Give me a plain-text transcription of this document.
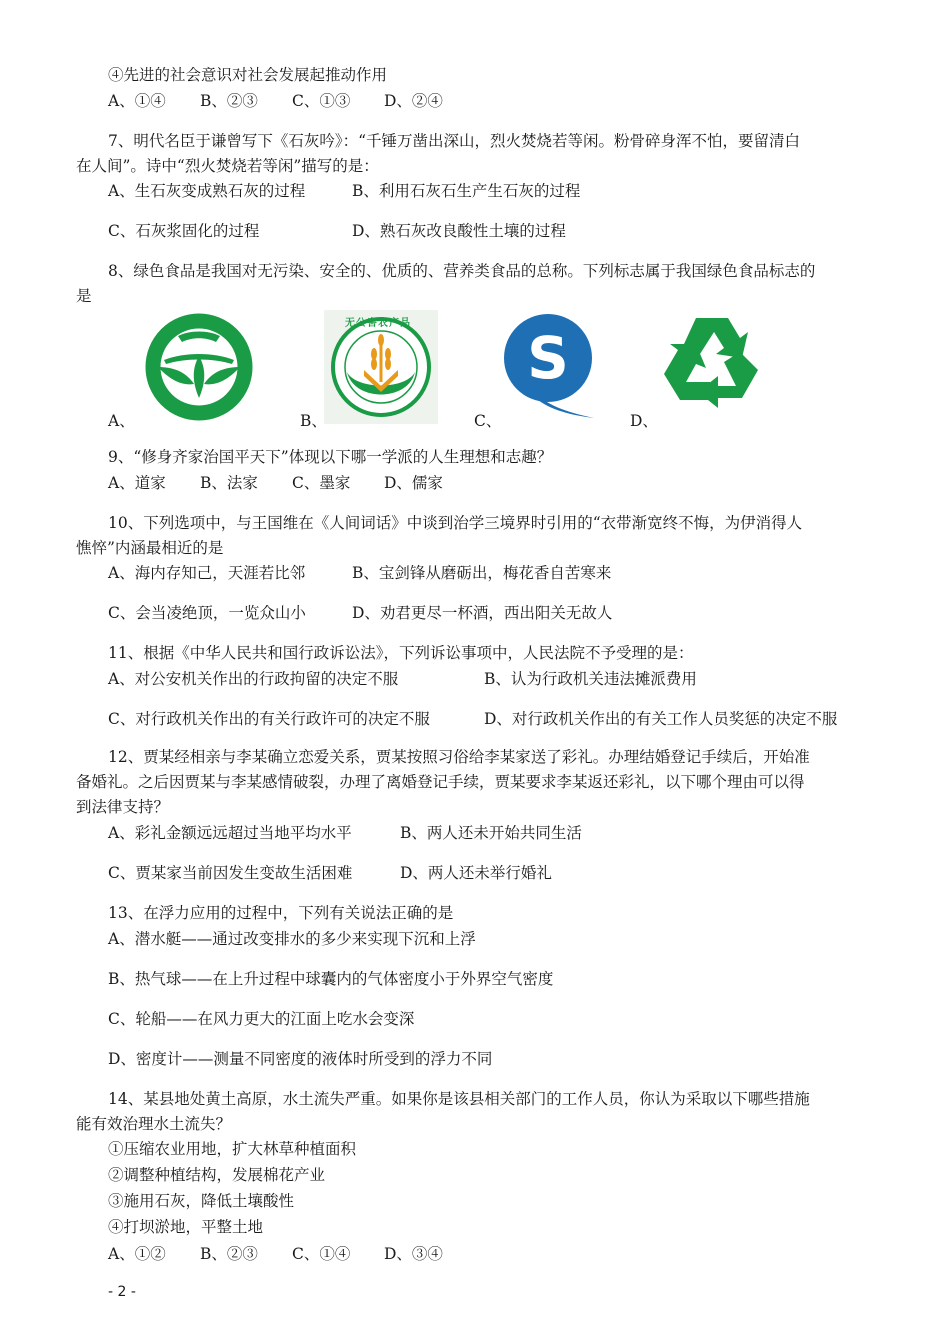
④先进的社会意识对社会发展起推动作用
A、①④ B、②③ C、①③ D、②④
7、明代名臣于谦曾写下《石灰吟》：“千锤万凿出深山，烈火焚烧若等闲。粉骨碎身浑不怕，要留清白
在人间”。诗中“烈火焚烧若等闲”描写的是：
A、生石灰变成熟石灰的过程	B、利用石灰石生产生石灰的过程
C、石灰浆固化的过程	D、熟石灰改良酸性土壤的过程
8、绿色食品是我国对无污染、安全的、优质的、营养类食品的总称。下列标志属于我国绿色食品标志的
是
A、
无公害农产品
B、
S
C、	D、
9、“修身齐家治国平天下”体现以下哪一学派的人生理想和志趣？
A、道家 B、法家 C、墨家 D、儒家
10、下列选项中，与王国维在《人间词话》中谈到治学三境界时引用的“衣带渐宽终不悔，为伊消得人
憔悴”内涵最相近的是
A、海内存知己，天涯若比邻	B、宝剑锋从磨砺出，梅花香自苦寒来
C、会当凌绝顶，一览众山小	D、劝君更尽一杯酒，西出阳关无故人
11、根据《中华人民共和国行政诉讼法》，下列诉讼事项中，人民法院不予受理的是：
A、对公安机关作出的行政拘留的决定不服	B、认为行政机关违法摊派费用
C、对行政机关作出的有关行政许可的决定不服	D、对行政机关作出的有关工作人员奖惩的决定不服
12、贾某经相亲与李某确立恋爱关系，贾某按照习俗给李某家送了彩礼。办理结婚登记手续后，开始准
备婚礼。之后因贾某与李某感情破裂，办理了离婚登记手续，贾某要求李某返还彩礼，以下哪个理由可以得
到法律支持？
A、彩礼金额远远超过当地平均水平	B、两人还未开始共同生活
C、贾某家当前因发生变故生活困难	D、两人还未举行婚礼
13、在浮力应用的过程中，下列有关说法正确的是
A、潜水艇——通过改变排水的多少来实现下沉和上浮
B、热气球——在上升过程中球囊内的气体密度小于外界空气密度
C、轮船——在风力更大的江面上吃水会变深
D、密度计——测量不同密度的液体时所受到的浮力不同
14、某县地处黄土高原，水土流失严重。如果你是该县相关部门的工作人员，你认为采取以下哪些措施
能有效治理水土流失？
①压缩农业用地，扩大林草种植面积
②调整种植结构，发展棉花产业
③施用石灰，降低土壤酸性
④打坝淤地，平整土地
A、①② B、②③ C、①④ D、③④
- 2 -
